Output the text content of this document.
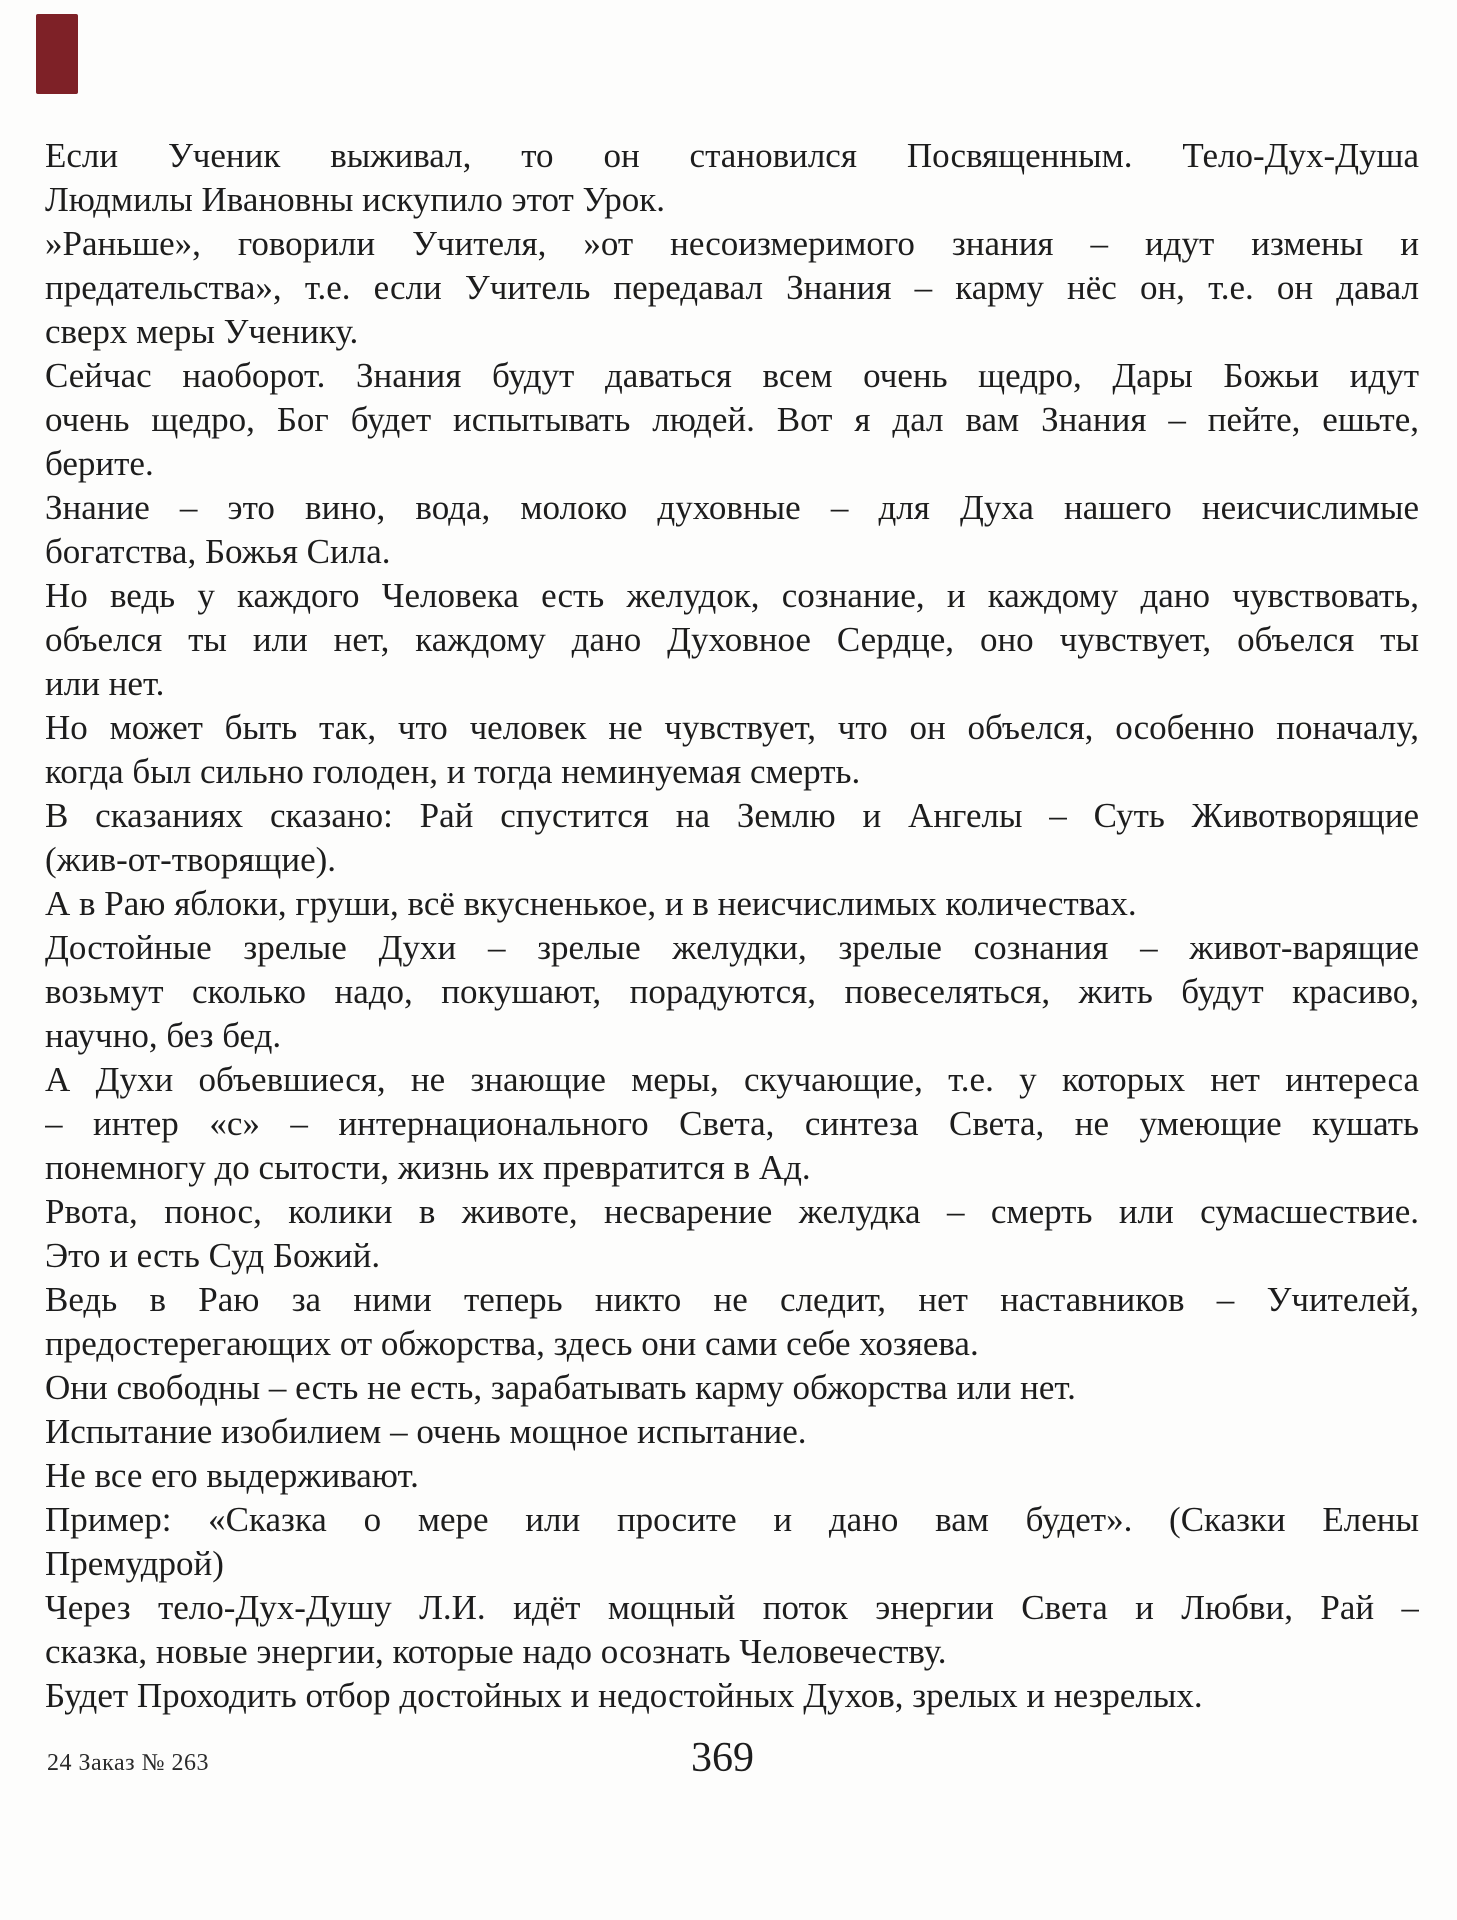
Если Ученик выживал, то он становился Посвященным. Тело-Дух-Душа
Людмилы Ивановны искупило этот Урок.
»Раньше», говорили Учителя, »от несоизмеримого знания – идут измены и
предательства», т.е. если Учитель передавал Знания – карму нёс он, т.е. он давал
сверх меры Ученику.
Сейчас наоборот. Знания будут даваться всем очень щедро, Дары Божьи идут
очень щедро, Бог будет испытывать людей. Вот я дал вам Знания – пейте, ешьте,
берите.
Знание – это вино, вода, молоко духовные – для Духа нашего неисчислимые
богатства, Божья Сила.
Но ведь у каждого Человека есть желудок, сознание, и каждому дано чувствовать,
объелся ты или нет, каждому дано Духовное Сердце, оно чувствует, объелся ты
или нет.
Но может быть так, что человек не чувствует, что он объелся, особенно поначалу,
когда был сильно голоден, и тогда неминуемая смерть.
В сказаниях сказано: Рай спустится на Землю и Ангелы – Суть Животворящие
(жив-от-творящие).
А в Раю яблоки, груши, всё вкусненькое, и в неисчислимых количествах.
Достойные зрелые Духи – зрелые желудки, зрелые сознания – живот-варящие
возьмут сколько надо, покушают, порадуются, повеселяться, жить будут красиво,
научно, без бед.
А Духи объевшиеся, не знающие меры, скучающие, т.е. у которых нет интереса
– интер «с» – интернационального Света, синтеза Света, не умеющие кушать
понемногу до сытости, жизнь их превратится в Ад.
Рвота, понос, колики в животе, несварение желудка – смерть или сумасшествие.
Это и есть Суд Божий.
Ведь в Раю за ними теперь никто не следит, нет наставников – Учителей,
предостерегающих от обжорства, здесь они сами себе хозяева.
Они свободны – есть не есть, зарабатывать карму обжорства или нет.
Испытание изобилием – очень мощное испытание.
Не все его выдерживают.
Пример: «Сказка о мере или просите и дано вам будет». (Сказки Елены
Премудрой)
Через тело-Дух-Душу Л.И. идёт мощный поток энергии Света и Любви, Рай –
сказка, новые энергии, которые надо осознать Человечеству.
Будет Проходить отбор достойных и недостойных Духов, зрелых и незрелых.
24 Заказ № 263	369
